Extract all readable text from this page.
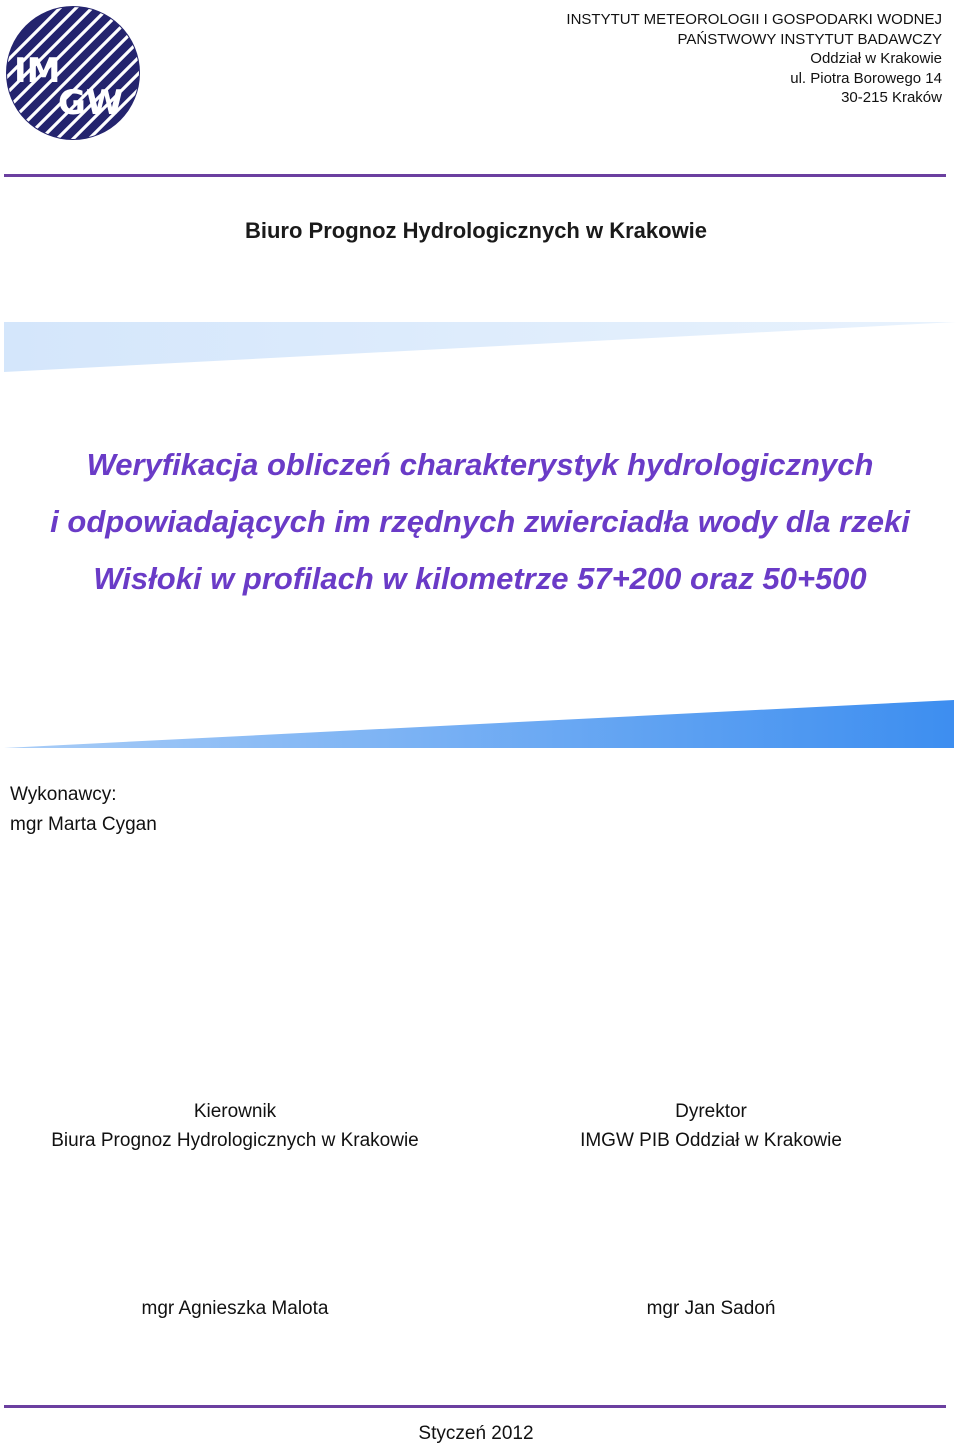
IM
GW
INSTYTUT METEOROLOGII I GOSPODARKI WODNEJ
PAŃSTWOWY INSTYTUT BADAWCZY
Oddział w Krakowie
ul. Piotra Borowego 14
30-215 Kraków
Biuro Prognoz Hydrologicznych w Krakowie
Weryfikacja obliczeń charakterystyk hydrologicznych
i odpowiadających im rzędnych zwierciadła wody dla rzeki
Wisłoki w profilach w kilometrze 57+200 oraz 50+500
Wykonawcy:
mgr Marta Cygan
Kierownik
Biura Prognoz Hydrologicznych w Krakowie
Dyrektor
IMGW PIB Oddział w Krakowie
mgr Agnieszka Malota	mgr Jan Sadoń
Styczeń 2012
